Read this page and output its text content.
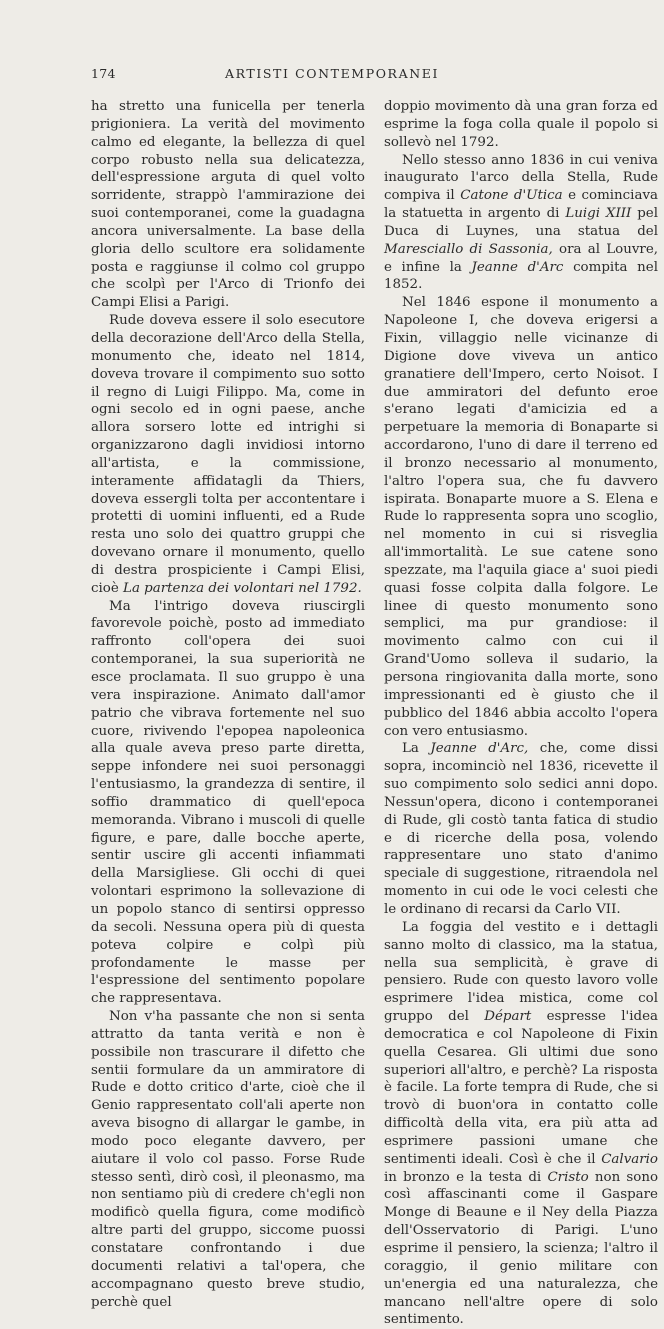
174	ARTISTI CONTEMPORANEI

ha stretto una funicella per tenerla prigioniera. La verità del movimento calmo ed elegante, la bellezza di quel corpo robusto nella sua delicatezza, dell'espressione arguta di quel volto sorridente, strappò l'ammirazione dei suoi contemporanei, come la guadagna ancora universalmente. La base della gloria dello scultore era solidamente posta e raggiunse il colmo col gruppo che scolpì per l'Arco di Trionfo dei Campi Elisi a Parigi.

Rude doveva essere il solo esecutore della decorazione dell'Arco della Stella, monumento che, ideato nel 1814, doveva trovare il compimento suo sotto il regno di Luigi Filippo. Ma, come in ogni secolo ed in ogni paese, anche allora sorsero lotte ed intrighi si organizzarono dagli invidiosi intorno all'artista, e la commissione, interamente affidatagli da Thiers, doveva essergli tolta per accontentare i protetti di uomini influenti, ed a Rude resta uno solo dei quattro gruppi che dovevano ornare il monumento, quello di destra prospiciente i Campi Elisi, cioè La partenza dei volontari nel 1792.

Ma l'intrigo doveva riuscirgli favorevole poichè, posto ad immediato raffronto coll'opera dei suoi contemporanei, la sua superiorità ne esce proclamata. Il suo gruppo è una vera inspirazione. Animato dall'amor patrio che vibrava fortemente nel suo cuore, rivivendo l'epopea napoleonica alla quale aveva preso parte diretta, seppe infondere nei suoi personaggi l'entusiasmo, la grandezza di sentire, il soffio drammatico di quell'epoca memoranda. Vibrano i muscoli di quelle figure, e pare, dalle bocche aperte, sentir uscire gli accenti infiammati della Marsigliese. Gli occhi di quei volontari esprimono la sollevazione di un popolo stanco di sentirsi oppresso da secoli. Nessuna opera più di questa poteva colpire e colpì più profondamente le masse per l'espressione del sentimento popolare che rappresentava.

Non v'ha passante che non si senta attratto da tanta verità e non è possibile non trascurare il difetto che sentii formulare da un ammiratore di Rude e dotto critico d'arte, cioè che il Genio rappresentato coll'ali aperte non aveva bisogno di allargar le gambe, in modo poco elegante davvero, per aiutare il volo col passo. Forse Rude stesso sentì, dirò così, il pleonasmo, ma non sentiamo più di credere ch'egli non modificò quella figura, come modificò altre parti del gruppo, siccome puossi constatare confrontando i due documenti relativi a tal'opera, che accompagnano questo breve studio, perchè quel

doppio movimento dà una gran forza ed esprime la foga colla quale il popolo si sollevò nel 1792.

Nello stesso anno 1836 in cui veniva inaugurato l'arco della Stella, Rude compiva il Catone d'Utica e cominciava la statuetta in argento di Luigi XIII pel Duca di Luynes, una statua del Maresciallo di Sassonia, ora al Louvre, e infine la Jeanne d'Arc compita nel 1852.

Nel 1846 espone il monumento a Napoleone I, che doveva erigersi a Fixin, villaggio nelle vicinanze di Digione dove viveva un antico granatiere dell'Impero, certo Noisot. I due ammiratori del defunto eroe s'erano legati d'amicizia ed a perpetuare la memoria di Bonaparte si accordarono, l'uno di dare il terreno ed il bronzo necessario al monumento, l'altro l'opera sua, che fu davvero ispirata. Bonaparte muore a S. Elena e Rude lo rappresenta sopra uno scoglio, nel momento in cui si risveglia all'immortalità. Le sue catene sono spezzate, ma l'aquila giace a' suoi piedi quasi fosse colpita dalla folgore. Le linee di questo monumento sono semplici, ma pur grandiose: il movimento calmo con cui il Grand'Uomo solleva il sudario, la persona ringiovanita dalla morte, sono impressionanti ed è giusto che il pubblico del 1846 abbia accolto l'opera con vero entusiasmo.

La Jeanne d'Arc, che, come dissi sopra, incominciò nel 1836, ricevette il suo compimento solo sedici anni dopo. Nessun'opera, dicono i contemporanei di Rude, gli costò tanta fatica di studio e di ricerche della posa, volendo rappresentare uno stato d'animo speciale di suggestione, ritraendola nel momento in cui ode le voci celesti che le ordinano di recarsi da Carlo VII.

La foggia del vestito e i dettagli sanno molto di classico, ma la statua, nella sua semplicità, è grave di pensiero. Rude con questo lavoro volle esprimere l'idea mistica, come col gruppo del Départ espresse l'idea democratica e col Napoleone di Fixin quella Cesarea. Gli ultimi due sono superiori all'altro, e perchè? La risposta è facile. La forte tempra di Rude, che si trovò di buon'ora in contatto colle difficoltà della vita, era più atta ad esprimere passioni umane che sentimenti ideali. Così è che il Calvario in bronzo e la testa di Cristo non sono così affascinanti come il Gaspare Monge di Beaune e il Ney della Piazza dell'Osservatorio di Parigi. L'uno esprime il pensiero, la scienza; l'altro il coraggio, il genio militare con un'energia ed una naturalezza, che mancano nell'altre opere di solo sentimento.
